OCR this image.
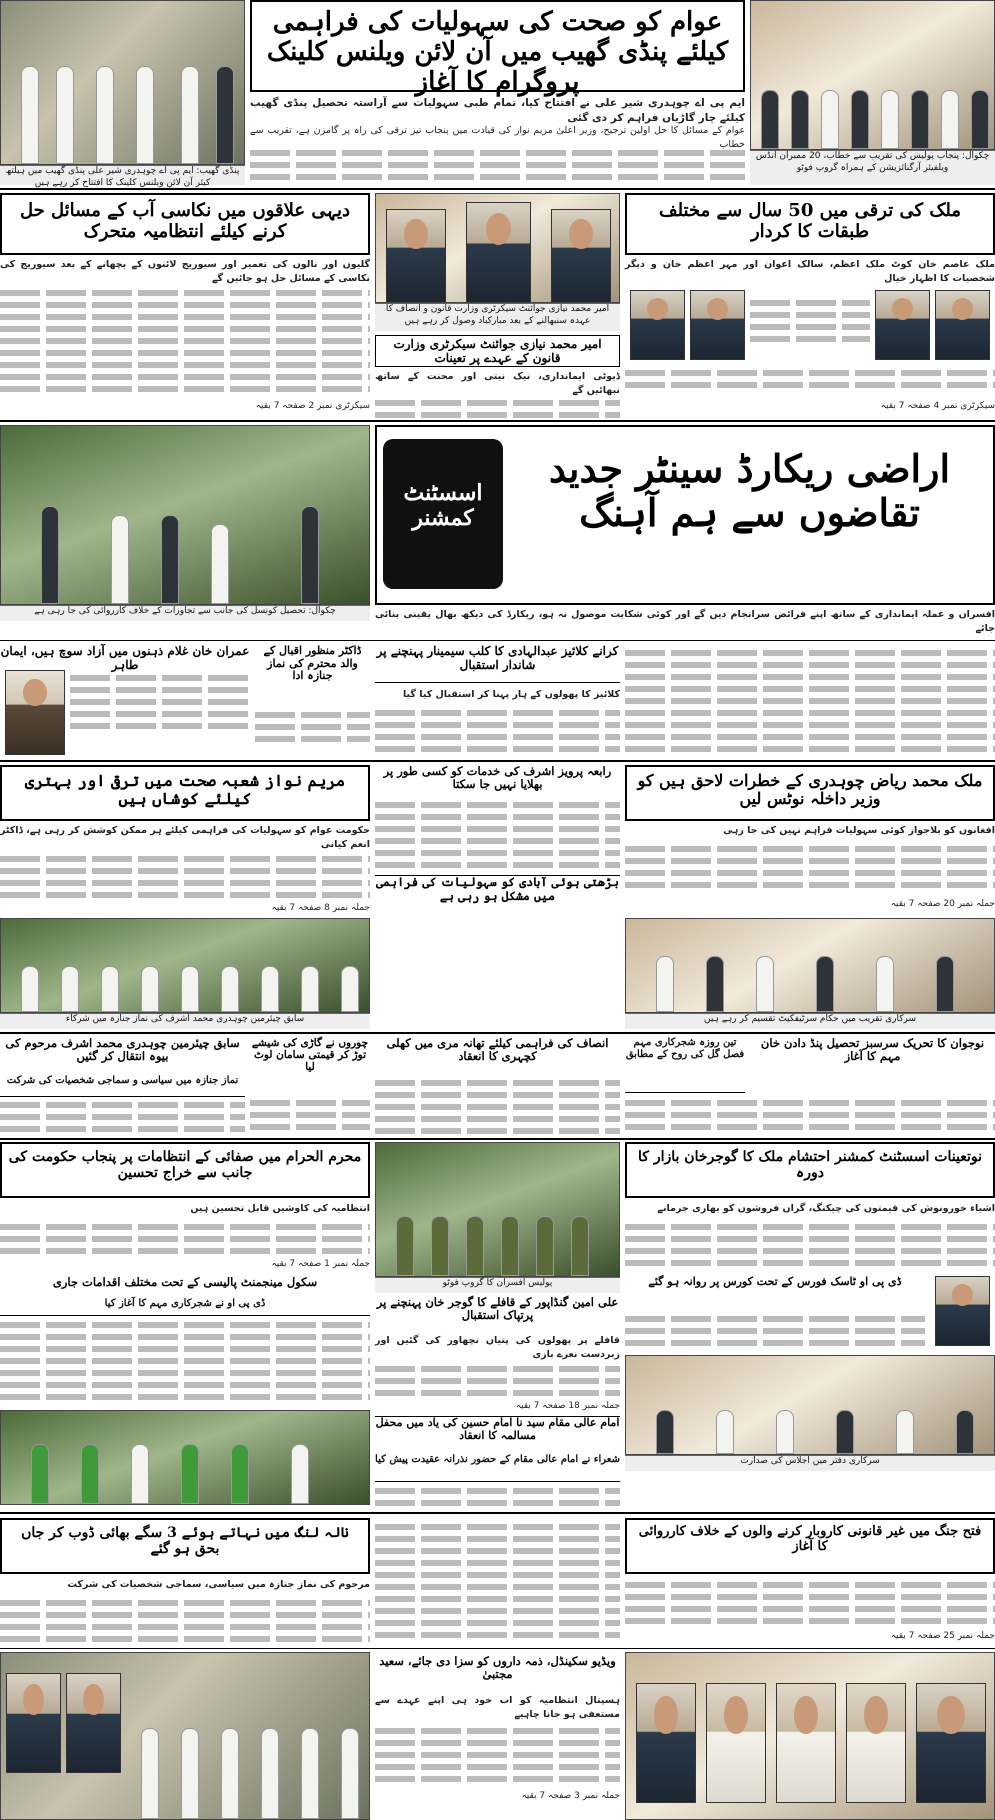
پنڈی گھیب: ایم پی اے چوہدری شیر علی پنڈی گھیب میں ہیلتھ کیئر آن لائن ویلنس کلینک کا افتتاح کر رہے ہیں
عوام کو صحت کی سہولیات کی فراہمی کیلئے پنڈی گھیب میں آن لائن ویلنس کلینک پروگرام کا آغاز
ایم پی اے چوہدری شیر علی نے افتتاح کیا، تمام طبی سہولیات سے آراستہ تحصیل پنڈی گھیب کیلئے چار گاڑیاں فراہم کر دی گئی
عوام کے مسائل کا حل اولین ترجیح، وزیر اعلیٰ مریم نواز کی قیادت میں پنجاب تیز ترقی کی راہ پر گامزن ہے، تقریب سے خطاب
چکوال: پنجاب پولیس کی تقریب سے خطاب، 20 ممبران انڈس ویلفیئر آرگنائزیشن کے ہمراہ گروپ فوٹو
دیہی علاقوں میں نکاسی آب کے مسائل حل کرنے کیلئے انتظامیہ متحرک
گلیوں اور نالوں کی تعمیر اور سیوریج لائنوں کے بچھانے کے بعد سیوریج کی نکاسی کے مسائل حل ہو جائیں گے
سیکرٹری نمبر 2 صفحہ 7 بقیہ
امیر محمد نیازی جوائنٹ سیکرٹری وزارت قانون و انصاف کا عہدہ سنبھالنے کے بعد مبارکباد وصول کر رہے ہیں
امیر محمد نیازی جوائنٹ سیکرٹری وزارت قانون کے عہدے پر تعینات
ڈیوٹی ایمانداری، نیک نیتی اور محنت کے ساتھ نبھائیں گے
ملک کی ترقی میں 50 سال سے مختلف طبقات کا کردار
ملک عاصم خان کوٹ ملک اعظم، سالک اعوان اور مہر اعظم خان و دیگر شخصیات کا اظہار خیال
سیکرٹری نمبر 4 صفحہ 7 بقیہ
چکوال: تحصیل کونسل کی جانب سے تجاوزات کے خلاف کارروائی کی جا رہی ہے
اسسٹنٹ کمشنر
اراضی ریکارڈ سینٹر جدید تقاضوں سے ہم آہنگ
افسران و عملہ ایمانداری کے ساتھ اپنے فرائض سرانجام دیں گے اور کوئی شکایت موصول نہ ہو، ریکارڈ کی دیکھ بھال یقینی بنائی جائے
عمران خان غلام ذہنوں میں آزاد سوچ ہیں، ایمان طاہر
ڈاکٹر منظور اقبال کے والد محترم کی نماز جنازہ ادا
کرانے کلائیز عبدالہادی کا کلب سیمینار پہنچنے پر شاندار استقبال
کلائیز کا پھولوں کے ہار پہنا کر استقبال کیا گیا
مریم نواز شعبہ صحت میں ترقی اور بہتری کیلئے کوشاں ہیں
حکومت عوام کو سہولیات کی فراہمی کیلئے ہر ممکن کوشش کر رہی ہے، ڈاکٹر انعم کیانی
جملہ نمبر 8 صفحہ 7 بقیہ
رابعہ پرویز اشرف کی خدمات کو کسی طور پر بھلایا نہیں جا سکتا
بڑھتی ہوئی آبادی کو سہولیات کی فراہمی میں مشکل ہو رہی ہے
ملک محمد ریاض چوہدری کے خطرات لاحق ہیں کو وزیر داخلہ نوٹس لیں
افغانوں کو بلاجواز کوئی سہولیات فراہم نہیں کی جا رہی
جملہ نمبر 20 صفحہ 7 بقیہ
سابق چیئرمین چوہدری محمد اشرف کی نماز جنازہ میں شرکاء	سرکاری تقریب میں حکام سرٹیفکیٹ تقسیم کر رہے ہیں
سابق چیئرمین چوہدری محمد اشرف مرحوم کی بیوہ انتقال کر گئیں
نماز جنازہ میں سیاسی و سماجی شخصیات کی شرکت
چوروں نے گاڑی کی شیشے توڑ کر قیمتی سامان لوٹ لیا
انصاف کی فراہمی کیلئے تھانہ مری میں کھلی کچہری کا انعقاد
نوجوان کا تحریک سرسبز تحصیل پنڈ دادن خان مہم کا آغاز
تین روزہ شجرکاری مہم فصل گل کی روح کے مطابق
محرم الحرام میں صفائی کے انتظامات پر پنجاب حکومت کی جانب سے خراج تحسین
انتظامیہ کی کاوشیں قابل تحسین ہیں
جملہ نمبر 1 صفحہ 7 بقیہ
پولیس افسران کا گروپ فوٹو
نوتعینات اسسٹنٹ کمشنر احتشام ملک کا گوجرخان بازار کا دورہ
اشیاء خورونوش کی قیمتوں کی چیکنگ، گراں فروشوں کو بھاری جرمانے
سکول مینجمنٹ پالیسی کے تحت مختلف اقدامات جاری
ڈی پی او نے شجرکاری مہم کا آغاز کیا	علی امین گنڈاپور کے قافلے کا گوجر خان پہنچنے پر پرتپاک استقبال
قافلے پر پھولوں کی پتیاں نچھاور کی گئیں اور زبردست نعرے بازی
جملہ نمبر 18 صفحہ 7 بقیہ
ڈی پی او ٹاسک فورس کے تحت کورس پر روانہ ہو گئے
سرکاری دفتر میں اجلاس کی صدارت
امام عالی مقام سید نا امام حسین کی یاد میں محفل مسالمہ کا انعقاد
شعراء نے امام عالی مقام کے حضور نذرانہ عقیدت پیش کیا
نالہ لنگ میں نہاتے ہوئے 3 سگے بھائی ڈوب کر جاں بحق ہو گئے
مرحوم کی نماز جنازہ میں سیاسی، سماجی شخصیات کی شرکت
فتح جنگ میں غیر قانونی کاروبار کرنے والوں کے خلاف کارروائی کا آغاز
جملہ نمبر 25 صفحہ 7 بقیہ
ویڈیو سکینڈل، ذمہ داروں کو سزا دی جائے، سعید مجتبیٰ
ہسپتال انتظامیہ کو اب خود ہی اپنے عہدے سے مستعفی ہو جانا چاہیے
جملہ نمبر 3 صفحہ 7 بقیہ
